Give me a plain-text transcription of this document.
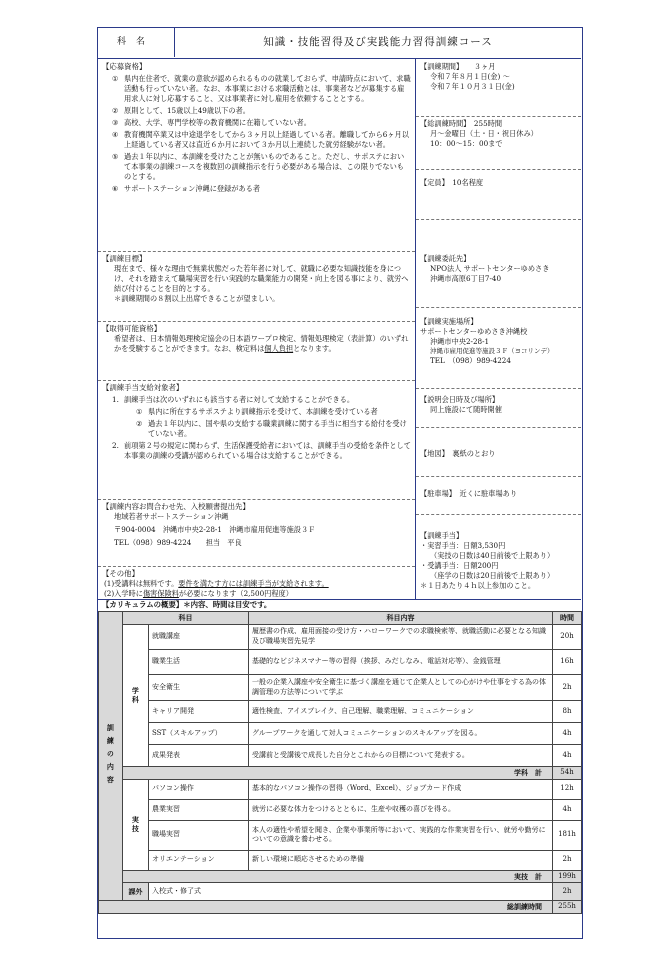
科名	知識・技能習得及び実践能力習得訓練コース
【応募資格】
① 県内在住者で、就業の意欲が認められるものの就業しておらず、申請時点において、求職活動も行っていない者。なお、本事業における求職活動とは、事業者などが募集する雇用求人に対し応募すること、又は事業者に対し雇用を依頼することとする。
② 原則として、15歳以上49歳以下の者。
③ 高校、大学、専門学校等の教育機関に在籍していない者。
④ 教育機関卒業又は中途退学をしてから３ヶ月以上経過している者。離職してから6ヶ月以上経過している者又は直近６か月において３か月以上連続した就労経験がない者。
⑤ 過去１年以内に、本訓練を受けたことが無いものであること。ただし、サポステにおいて本事業の訓練コースを複数回の訓練指示を行う必要がある場合は、この限りでないものとする。
⑥ サポートステーション沖縄に登録がある者
【訓練目標】
現在まで、様々な理由で無業状態だった若年者に対して、就職に必要な知識技能を身につけ、それを踏まえて職場実習を行い実践的な職業能力の開発・向上を図る事により、就労へ結び付けることを目的とする。
＊訓練期間の８割以上出席できることが望ましい。
【取得可能資格】
希望者は、日本情報処理検定協会の日本語ワープロ検定、情報処理検定（表計算）のいずれかを受験することができます。なお、検定料は個人負担となります。
【訓練手当支給対象者】
1. 訓練手当は次のいずれにも該当する者に対して支給することができる。
① 県内に所在するサポステより訓練指示を受けて、本訓練を受けている者
② 過去１年以内に、国や県の支給する職業訓練に関する手当に相当する給付を受けていない者。
2. 前項第２号の規定に関わらず、生活保護受給者においては、訓練手当の受給を条件として本事業の訓練の受講が認められている場合は支給することができる。
【訓練内容お問合わせ先、入校願書提出先】
地域若者サポートステーション沖縄
〒904-0004　沖縄市中央2-28-1　沖縄市雇用促進等施設３Ｆ
TEL（098）989-4224　　担当　平良
【その他】
(1)受講料は無料です。要件を満たす方には訓練手当が支給されます。
(2)入学時に傷害保険料が必要になります（2,500円程度）
【訓練期間】　　 ３ヶ月
令和７年８月１日(金) 〜
令和７年１０月３１日(金)
【総訓練時間】　 255時間
月〜金曜日（土・日・祝日休み）
10：00〜15：00まで
【定員】　 10名程度
【訓練委託先】
NPO法人 サポートセンターゆめさき
沖縄市高原6丁目7-40
【訓練実施場所】
サポートセンターゆめさき沖縄校
沖縄市中央2-28-1
沖縄市雇用促進等施設３Ｆ（ヨコリンデ）
TEL　（098）989-4224
【説明会日時及び場所】
同上施設にて随時開催
【地図】　 裏紙のとおり
【駐車場】　 近くに駐車場あり
【訓練手当】
・実習手当：日額3,530円
（実技の日数は40日前後で上限あり）
・受講手当：日額200円
（座学の日数は20日前後で上限あり）
＊１日あたり４ｈ以上参加のこと。
【カリキュラムの概要】＊内容、時間は目安です。
訓練の内容	科目		科目内容	時間
	学科	就職講座	履歴書の作成、雇用面接の受け方・ハローワークでの求職検索等、就職活動に必要となる知識及び職場実習先見学	20h
		職業生活	基礎的なビジネスマナー等の習得（挨拶、みだしなみ、電話対応等）、金銭管理	16h
		安全衛生	一般の企業入講座や安全衛生に基づく講座を通じて企業人としての心がけや仕事をする為の体調管理の方法等について学ぶ	2h
		キャリア開発	適性検査、アイスブレイク、自己理解、職業理解、コミュニケーション	8h
		SST（スキルアップ）	グループワークを通して対人コミュニケーションのスキルアップを図る。	4h
		成果発表	受講前と受講後で成長した自分とこれからの目標について発表する。	4h
	学科　計			54h
	実技	パソコン操作	基本的なパソコン操作の習得（Word、Excel）、ジョブカード作成	12h
		農業実習	就労に必要な体力をつけるとともに、生産や収穫の喜びを得る。	4h
		職場実習	本人の適性や希望を聞き、企業や事業所等において、実践的な作業実習を行い、就労や勤労についての意識を養わせる。	181h
		オリエンテーション	新しい環境に順応させるための準備	2h
	実技　計			199h
	課外	入校式・修了式		2h
総訓練時間				255h
